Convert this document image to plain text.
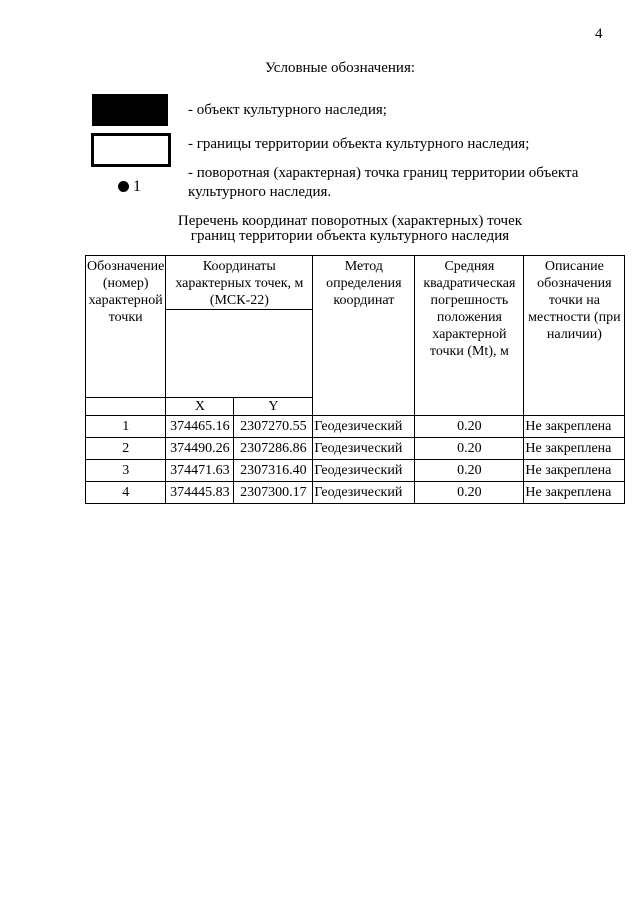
4
Условные обозначения:
- объект культурного наследия;
- границы территории объекта культурного наследия;
1
- поворотная (характерная) точка границ территории объекта культурного наследия.
Перечень координат поворотных (характерных) точек
границ территории объекта культурного наследия
Обозначение (номер) характерной точки	Координаты характерных точек, м (МСК-22)		Метод определения координат	Средняя квадратическая погрешность положения характерной точки (Mt), м	Описание обозначения точки на местности (при наличии)

	X	Y			
1	374465.16	2307270.55	Геодезический	0.20	Не закреплена
2	374490.26	2307286.86	Геодезический	0.20	Не закреплена
3	374471.63	2307316.40	Геодезический	0.20	Не закреплена
4	374445.83	2307300.17	Геодезический	0.20	Не закреплена
